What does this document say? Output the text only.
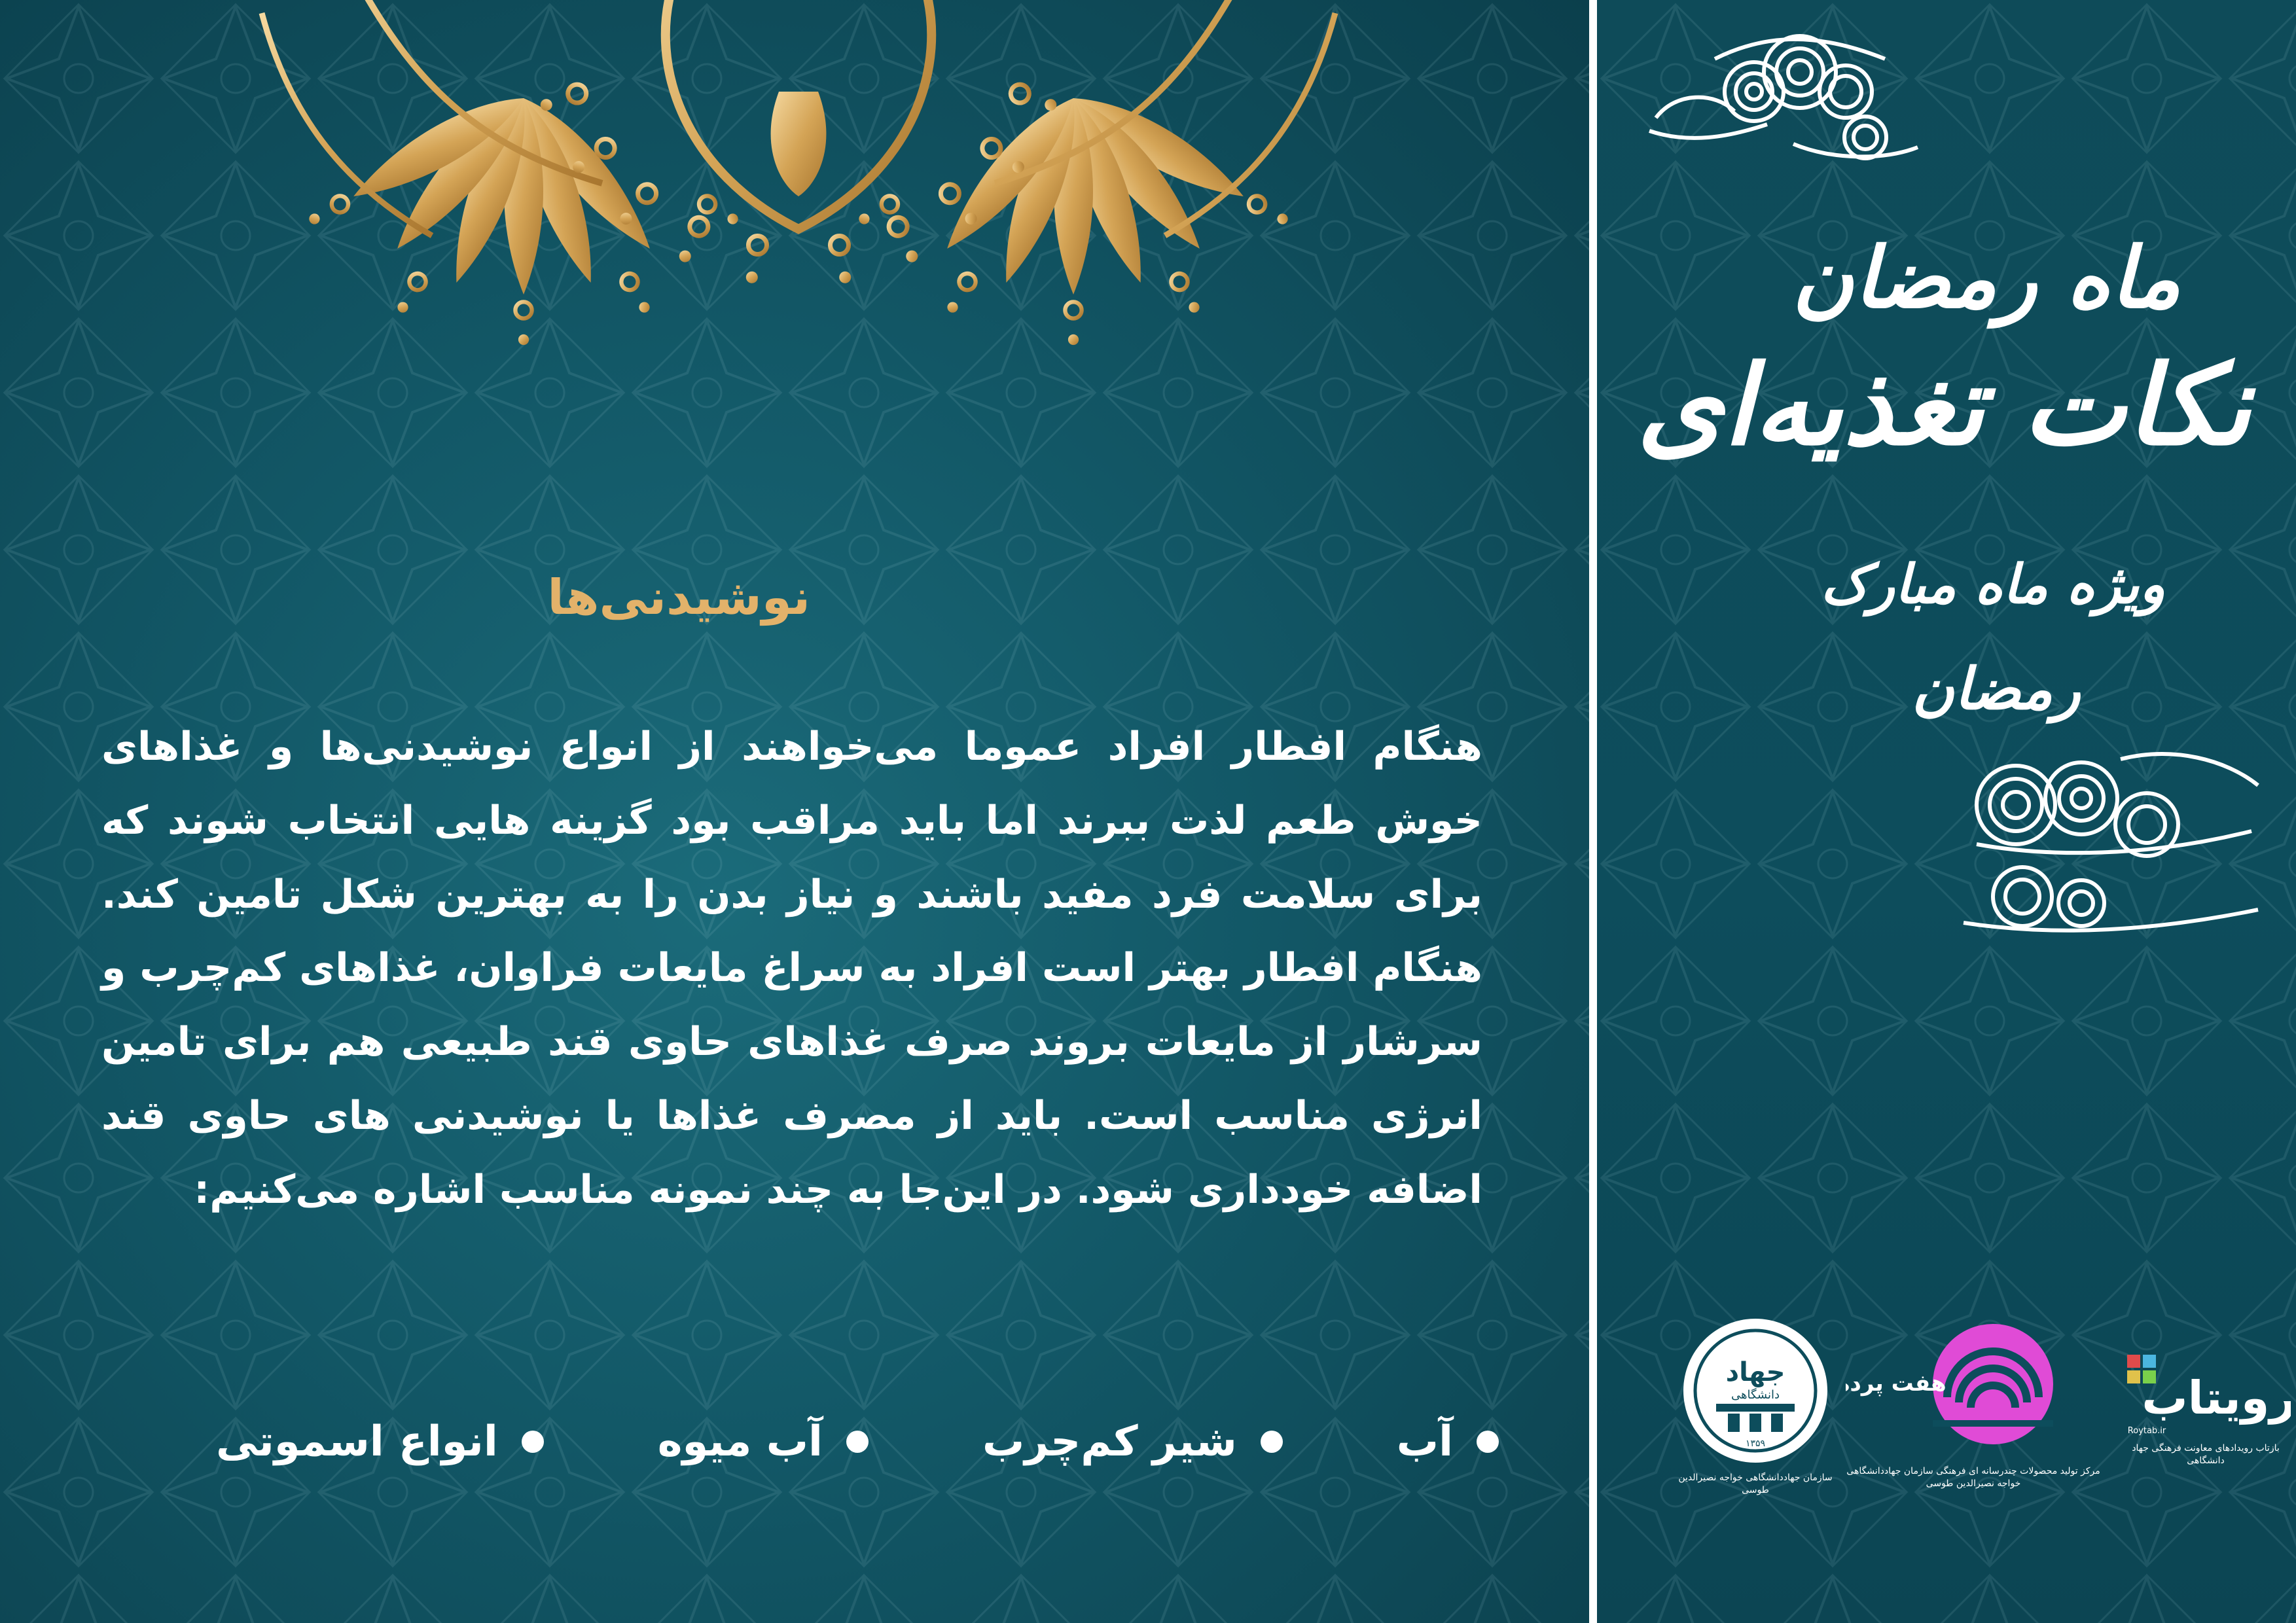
نوشیدنی‌ها
هنگام افطار افراد عموما می‌خواهند از انواع نوشیدنی‌ها و غذاهای خوش طعم لذت ببرند اما باید مراقب بود گزینه هایی انتخاب شوند که برای سلامت فرد مفید باشند و نیاز بدن را به بهترین شکل تامین کند. هنگام افطار بهتر است افراد به سراغ مایعات فراوان، غذاهای کم‌چرب و سرشار از مایعات بروند صرف غذاهای حاوی قند طبیعی هم برای تامین انرژی مناسب است. باید از مصرف غذاها یا نوشیدنی های حاوی قند اضافه خودداری شود. در این‌جا به چند نمونه مناسب اشاره می‌کنیم:
آب
شیر کم‌چرب
آب میوه
انواع اسموتی
ماه رمضان
نکات تغذیه‌ای
ویژه ماه مبارک
رمضان
جهاد
دانشگاهی
۱۳۵۹
سازمان جهاددانشگاهی خواجه نصیرالدین طوسی
هفت پرده
مرکز تولید محصولات چندرسانه ای فرهنگی سازمان جهاددانشگاهی خواجه نصیرالدین طوسی
رویتاب
Roytab.ir
بازتاب رویدادهای معاونت فرهنگی جهاد دانشگاهی
